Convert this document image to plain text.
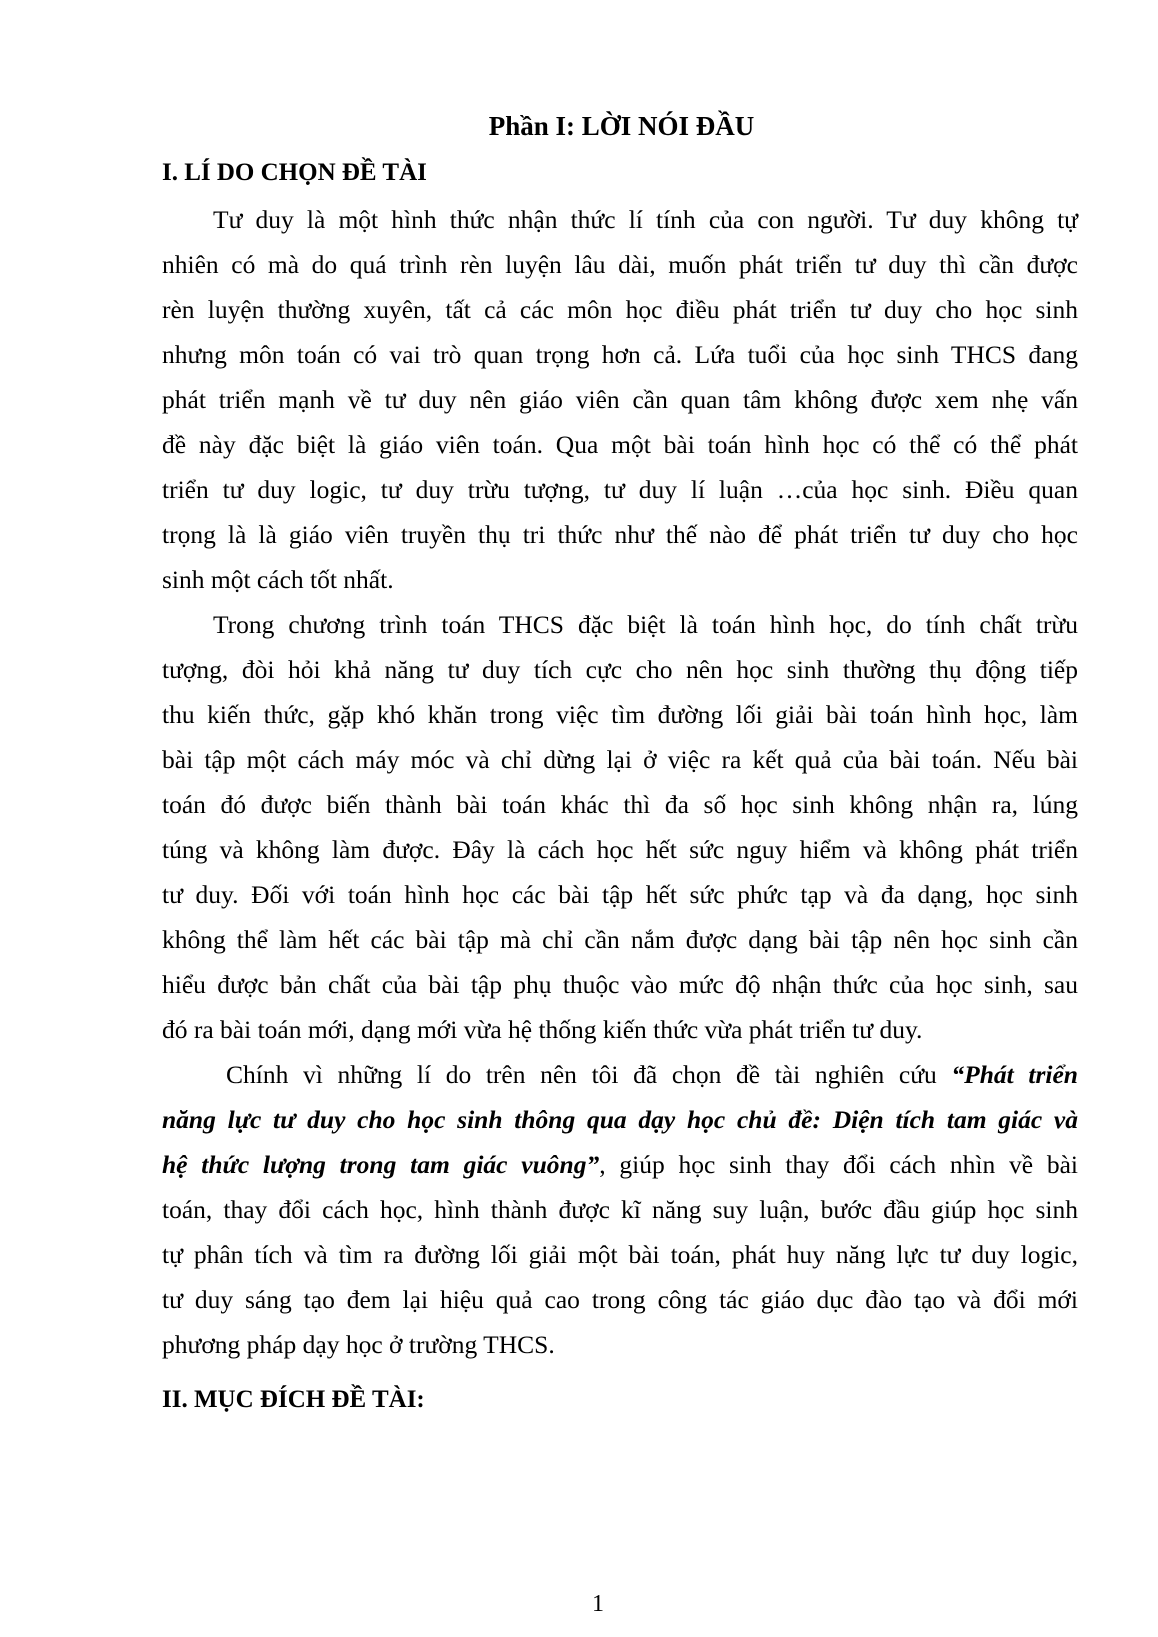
Phần I: LỜI NÓI ĐẦU
I. LÍ DO CHỌN ĐỀ TÀI
Tư duy là một hình thức nhận thức lí tính của con người. Tư duy không tự
nhiên có mà do quá trình rèn luyện lâu dài, muốn phát triển tư duy thì cần được
rèn luyện thường xuyên, tất cả các môn học điều phát triển tư duy cho học sinh
nhưng môn toán có vai trò quan trọng hơn cả. Lứa tuổi của học sinh THCS đang
phát triển mạnh về tư duy nên giáo viên cần quan tâm không được xem nhẹ vấn
đề này đặc biệt là giáo viên toán. Qua một bài toán hình học có thể có thể phát
triển tư duy logic, tư duy trừu tượng, tư duy lí luận …của học sinh. Điều quan
trọng là là giáo viên truyền thụ tri thức như thế nào để phát triển tư duy cho học
sinh một cách tốt nhất.
Trong chương trình toán THCS đặc biệt là toán hình học, do tính chất trừu
tượng, đòi hỏi khả năng tư duy tích cực cho nên học sinh thường thụ động tiếp
thu kiến thức, gặp khó khăn trong việc tìm đường lối giải bài toán hình học, làm
bài tập một cách máy móc và chỉ dừng lại ở việc ra kết quả của bài toán. Nếu bài
toán đó được biến thành bài toán khác thì đa số học sinh không nhận ra, lúng
túng và không làm được. Đây là cách học hết sức nguy hiểm và không phát triển
tư duy. Đối với toán hình học các bài tập hết sức phức tạp và đa dạng, học sinh
không thể làm hết các bài tập mà chỉ cần nắm được dạng bài tập nên học sinh cần
hiểu được bản chất của bài tập phụ thuộc vào mức độ nhận thức của học sinh, sau
đó ra bài toán mới, dạng mới vừa hệ thống kiến thức vừa phát triển tư duy.
Chính vì những lí do trên nên tôi đã chọn đề tài nghiên cứu “Phát triển
năng lực tư duy cho học sinh thông qua dạy học chủ đề: Diện tích tam giác và
hệ thức lượng trong tam giác vuông”, giúp học sinh thay đổi cách nhìn về bài
toán, thay đổi cách học, hình thành được kĩ năng suy luận, bước đầu giúp học sinh
tự phân tích và tìm ra đường lối giải một bài toán, phát huy năng lực tư duy logic,
tư duy sáng tạo đem lại hiệu quả cao trong công tác giáo dục đào tạo và đổi mới
phương pháp dạy học ở trường THCS.
II. MỤC ĐÍCH ĐỀ TÀI:
1
